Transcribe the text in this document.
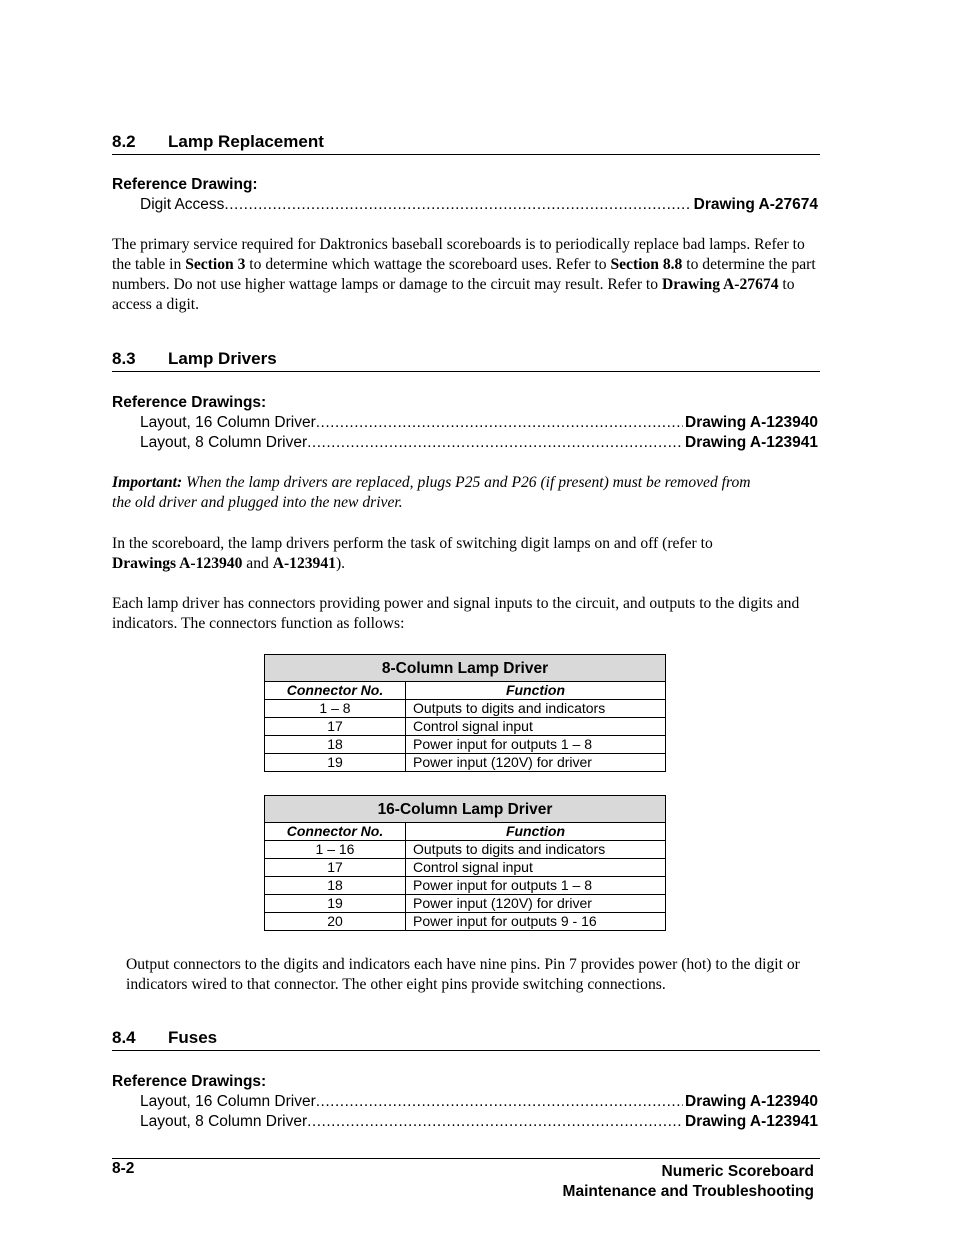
8.2 Lamp Replacement
Reference Drawing:
Digit Access .....	Drawing A-27674
The primary service required for Daktronics baseball scoreboards is to periodically replace bad lamps. Refer to the table in Section 3 to determine which wattage the scoreboard uses. Refer to Section 8.8 to determine the part numbers. Do not use higher wattage lamps or damage to the circuit may result. Refer to Drawing A-27674 to access a digit.
8.3 Lamp Drivers
Reference Drawings:
Layout, 16 Column Driver .....	Drawing A-123940
Layout, 8 Column Driver .....	Drawing A-123941
Important: When the lamp drivers are replaced, plugs P25 and P26 (if present) must be removed from
the old driver and plugged into the new driver.
In the scoreboard, the lamp drivers perform the task of switching digit lamps on and off (refer to
Drawings A-123940 and A-123941).
Each lamp driver has connectors providing power and signal inputs to the circuit, and outputs to the digits and indicators. The connectors function as follows:
8-Column Lamp Driver	
Connector No.	Function
1 – 8	Outputs to digits and indicators
17	Control signal input
18	Power input for outputs 1 – 8
19	Power input (120V) for driver
16-Column Lamp Driver	
Connector No.	Function
1 – 16	Outputs to digits and indicators
17	Control signal input
18	Power input for outputs 1 – 8
19	Power input (120V) for driver
20	Power input for outputs 9 - 16
Output connectors to the digits and indicators each have nine pins. Pin 7 provides power (hot) to the digit or indicators wired to that connector. The other eight pins provide switching connections.
8.4 Fuses
Reference Drawings:
Layout, 16 Column Driver .....	Drawing A-123940
Layout, 8 Column Driver .....	Drawing A-123941
8-2	Numeric Scoreboard
Maintenance and Troubleshooting
